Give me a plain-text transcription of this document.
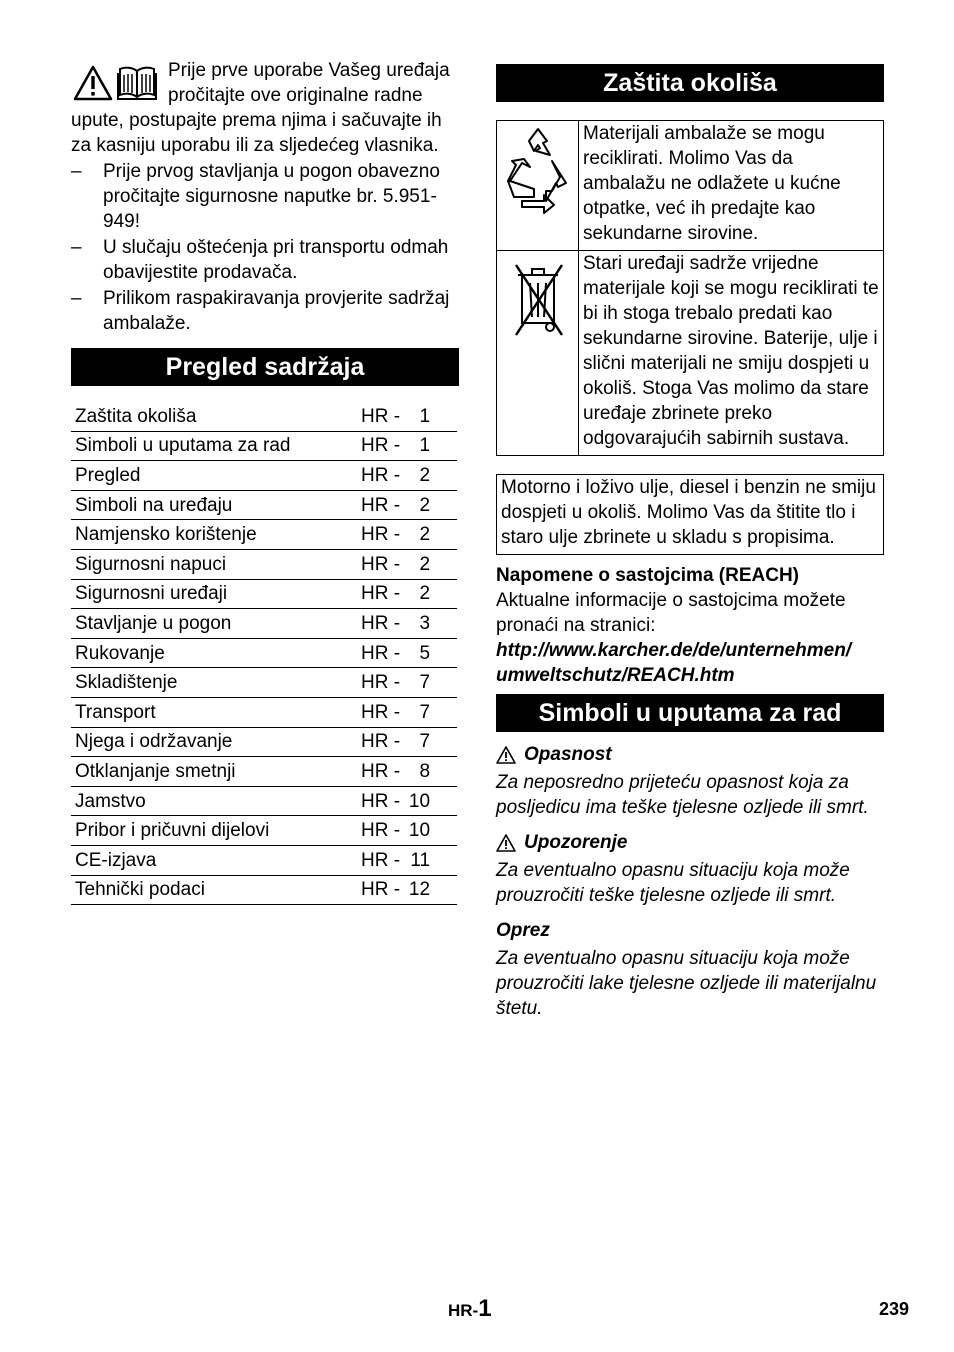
Prije prve uporabe Vašeg uređaja pročitajte ove originalne radne upute, postupajte prema njima i sačuvajte ih za kasniju uporabu ili za sljedećeg vlasnika.

–	Prije prvog stavljanja u pogon obavezno pročitajte sigurnosne naputke br. 5.951-949!
–	U slučaju oštećenja pri transportu odmah obavijestite prodavača.
–	Prilikom raspakiravanja provjerite sadržaj ambalaže.
Pregled sadržaja
Zaštita okoliša	HR - 1
Simboli u uputama za rad	HR - 1
Pregled	HR - 2
Simboli na uređaju	HR - 2
Namjensko korištenje	HR - 2
Sigurnosni napuci	HR - 2
Sigurnosni uređaji	HR - 2
Stavljanje u pogon	HR - 3
Rukovanje	HR - 5
Skladištenje	HR - 7
Transport	HR - 7
Njega i održavanje	HR - 7
Otklanjanje smetnji	HR - 8
Jamstvo	HR - 10
Pribor i pričuvni dijelovi	HR - 10
CE-izjava	HR - 11
Tehnički podaci	HR - 12
Zaštita okoliša
	Materijali ambalaže se mogu reciklirati. Molimo Vas da ambalažu ne odlažete u kućne otpatke, već ih predajte kao sekundarne sirovine.
	Stari uređaji sadrže vrijedne materijale koji se mogu reciklirati te bi ih stoga trebalo predati kao sekundarne sirovine. Baterije, ulje i slični materijali ne smiju dospjeti u okoliš. Stoga Vas molimo da stare uređaje zbrinete preko odgovarajućih sabirnih sustava.
Motorno i loživo ulje, diesel i benzin ne smiju dospjeti u okoliš. Molimo Vas da štitite tlo i staro ulje zbrinete u skladu s propisima.
Napomene o sastojcima (REACH)
Aktualne informacije o sastojcima možete pronaći na stranici:
http://www.karcher.de/de/unternehmen/
umweltschutz/REACH.htm
Simboli u uputama za rad
Opasnost
Za neposredno prijeteću opasnost koja za posljedicu ima teške tjelesne ozljede ili smrt.
Upozorenje
Za eventualno opasnu situaciju koja može prouzročiti teške tjelesne ozljede ili smrt.
Oprez
Za eventualno opasnu situaciju koja može prouzročiti lake tjelesne ozljede ili materijalnu štetu.
HR-1	239
